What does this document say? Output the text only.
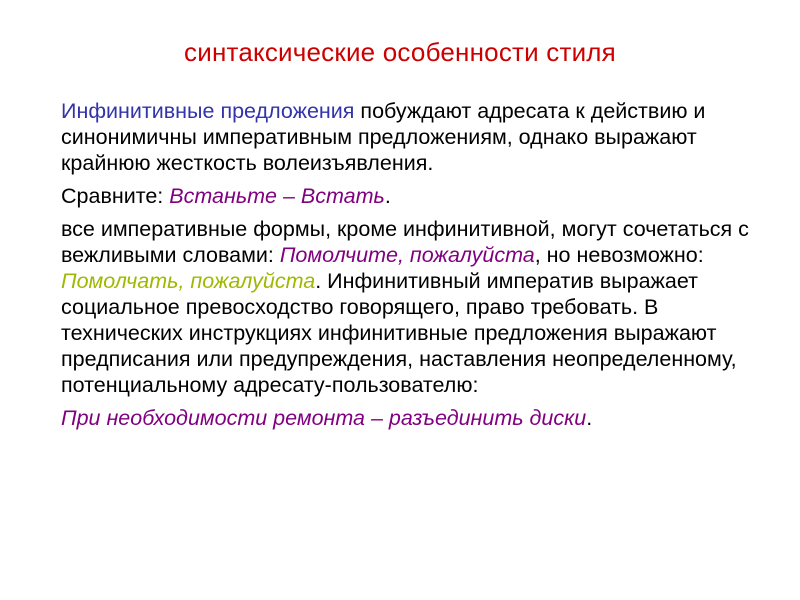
синтаксические особенности стиля

Инфинитивные предложения побуждают адресата к действию и синонимичны императивным предложениям, однако выражают крайнюю жесткость волеизъявления.

Сравните: Встаньте – Встать.

все императивные формы, кроме инфинитивной, могут сочетаться с вежливыми словами: Помолчите, пожалуйста, но невозможно: Помолчать, пожалуйста. Инфинитивный императив выражает социальное превосходство говорящего, право требовать. В технических инструкциях инфинитивные предложения выражают предписания или предупреждения, наставления неопределенному, потенциальному адресату-пользователю:

При необходимости ремонта – разъединить диски.
